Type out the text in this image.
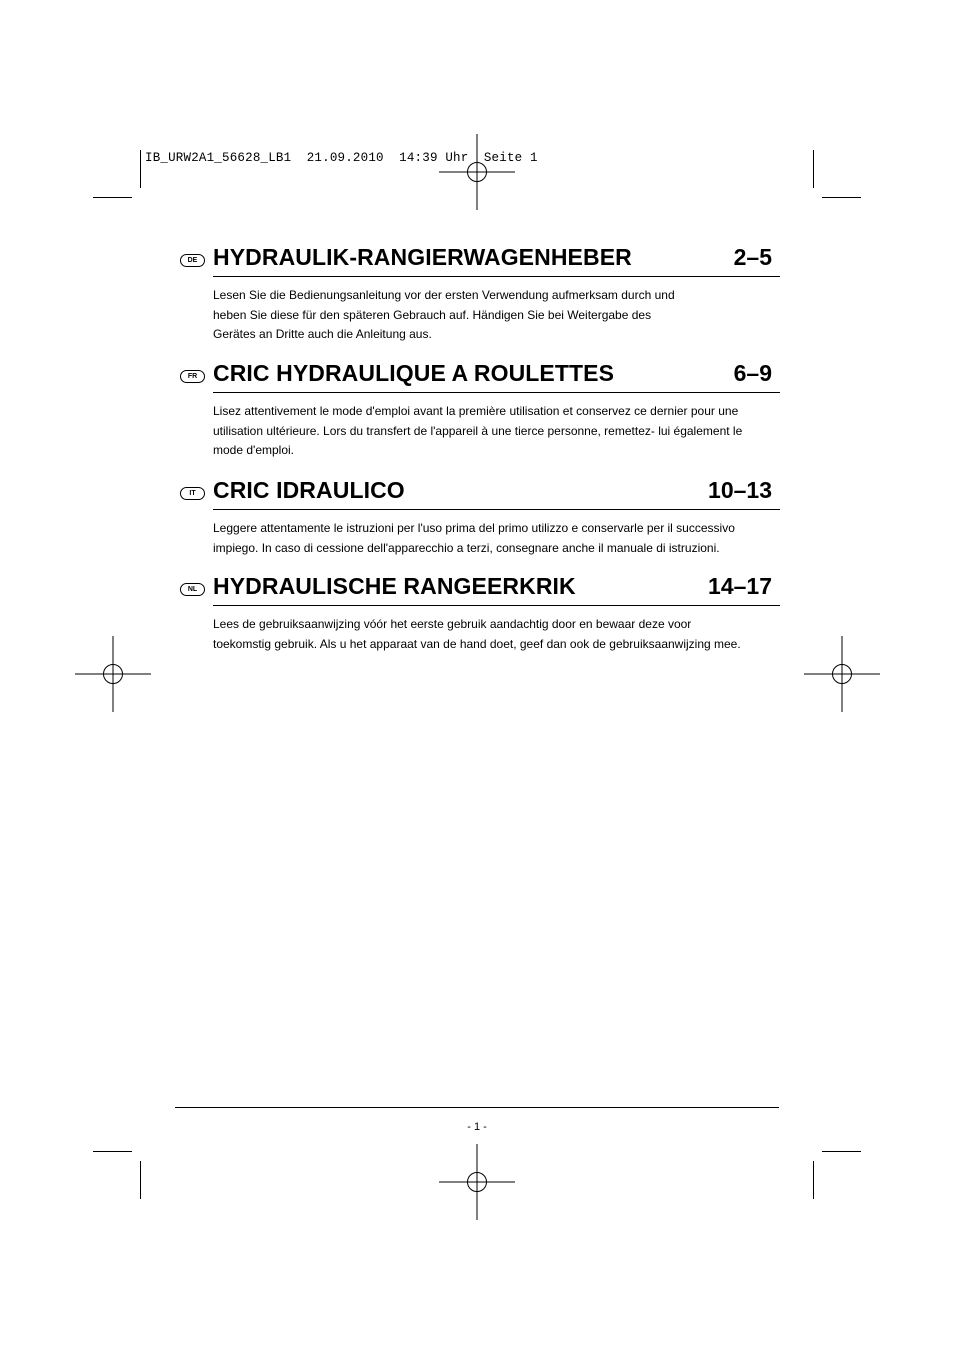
IB_URW2A1_56628_LB1  21.09.2010  14:39 Uhr  Seite 1
DE HYDRAULIK-RANGIERWAGENHEBER	2–5
Lesen Sie die Bedienungsanleitung vor der ersten Verwendung aufmerksam durch und
heben Sie diese für den späteren Gebrauch auf. Händigen Sie bei Weitergabe des
Gerätes an Dritte auch die Anleitung aus.
FR CRIC HYDRAULIQUE A ROULETTES	6–9
Lisez attentivement le mode d'emploi avant la première utilisation et conservez ce dernier pour une
utilisation ultérieure. Lors du transfert de l'appareil à une tierce personne, remettez- lui également le
mode d'emploi.
IT CRIC IDRAULICO	10–13
Leggere attentamente le istruzioni per l'uso prima del primo utilizzo e conservarle per il successivo
impiego. In caso di cessione dell'apparecchio a terzi, consegnare anche il manuale di istruzioni.
NL HYDRAULISCHE RANGEERKRIK	14–17
Lees de gebruiksaanwijzing vóór het eerste gebruik aandachtig door en bewaar deze voor
toekomstig gebruik. Als u het apparaat van de hand doet, geef dan ook de gebruiksaanwijzing mee.
- 1 -
